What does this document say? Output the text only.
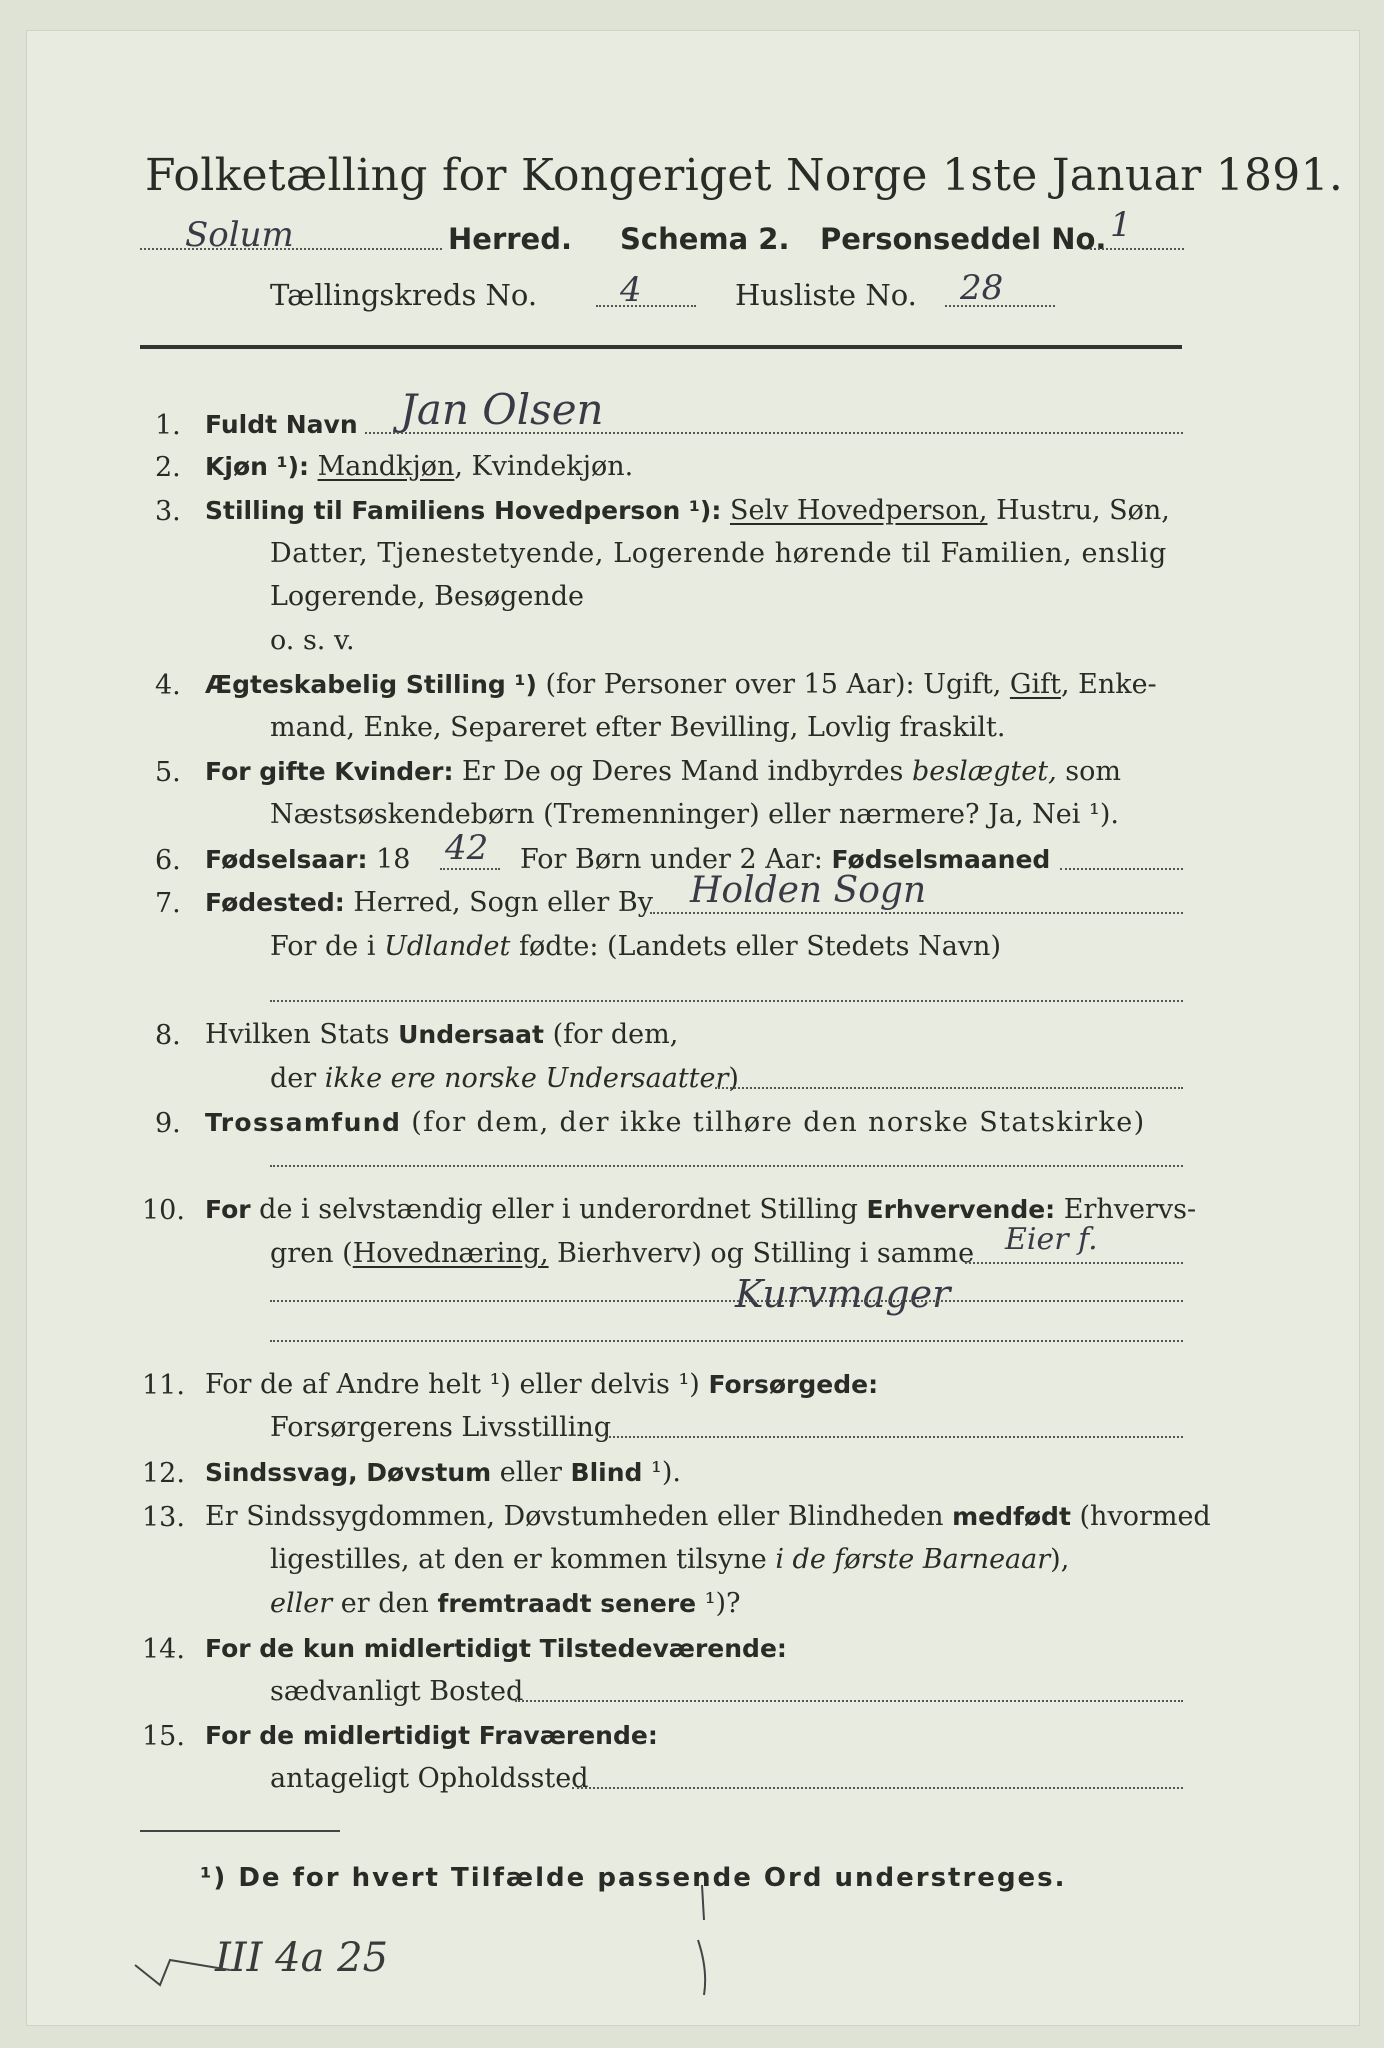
Folketælling for Kongeriget Norge 1ste Januar 1891.
Solum	Herred. Schema 2. Personseddel No. 1
Tællingskreds No. 4	Husliste No. 28
1. Fuldt Navn Jan Olsen
2. Kjøn ¹): Mandkjøn, Kvindekjøn.
3. Stilling til Familiens Hovedperson ¹): Selv Hovedperson, Hustru, Søn,
Datter, Tjenestetyende, Logerende hørende til Familien, enslig
Logerende, Besøgende
o. s. v.
4. Ægteskabelig Stilling ¹) (for Personer over 15 Aar): Ugift, Gift, Enke-
mand, Enke, Separeret efter Bevilling, Lovlig fraskilt.
5. For gifte Kvinder: Er De og Deres Mand indbyrdes beslægtet, som
Næstsøskendebørn (Tremenninger) eller nærmere? Ja, Nei ¹).
6. Fødselsaar: 18 42 For Børn under 2 Aar: Fødselsmaaned
7. Fødested: Herred, Sogn eller By Holden Sogn
For de i Udlandet fødte: (Landets eller Stedets Navn)
8. Hvilken Stats Undersaat (for dem,
der ikke ere norske Undersaatter)
9. Trossamfund (for dem, der ikke tilhøre den norske Statskirke)
10. For de i selvstændig eller i underordnet Stilling Erhvervende: Erhvervs-
gren (Hovednæring, Bierhverv) og Stilling i samme Eier f.
Kurvmager
11. For de af Andre helt ¹) eller delvis ¹) Forsørgede:
Forsørgerens Livsstilling
12. Sindssvag, Døvstum eller Blind ¹).
13. Er Sindssygdommen, Døvstumheden eller Blindheden medfødt (hvormed
ligestilles, at den er kommen tilsyne i de første Barneaar),
eller er den fremtraadt senere ¹)?
14. For de kun midlertidigt Tilstedeværende:
sædvanligt Bosted
15. For de midlertidigt Fraværende:
antageligt Opholdssted
¹) De for hvert Tilfælde passende Ord understreges.
III 4a 25
